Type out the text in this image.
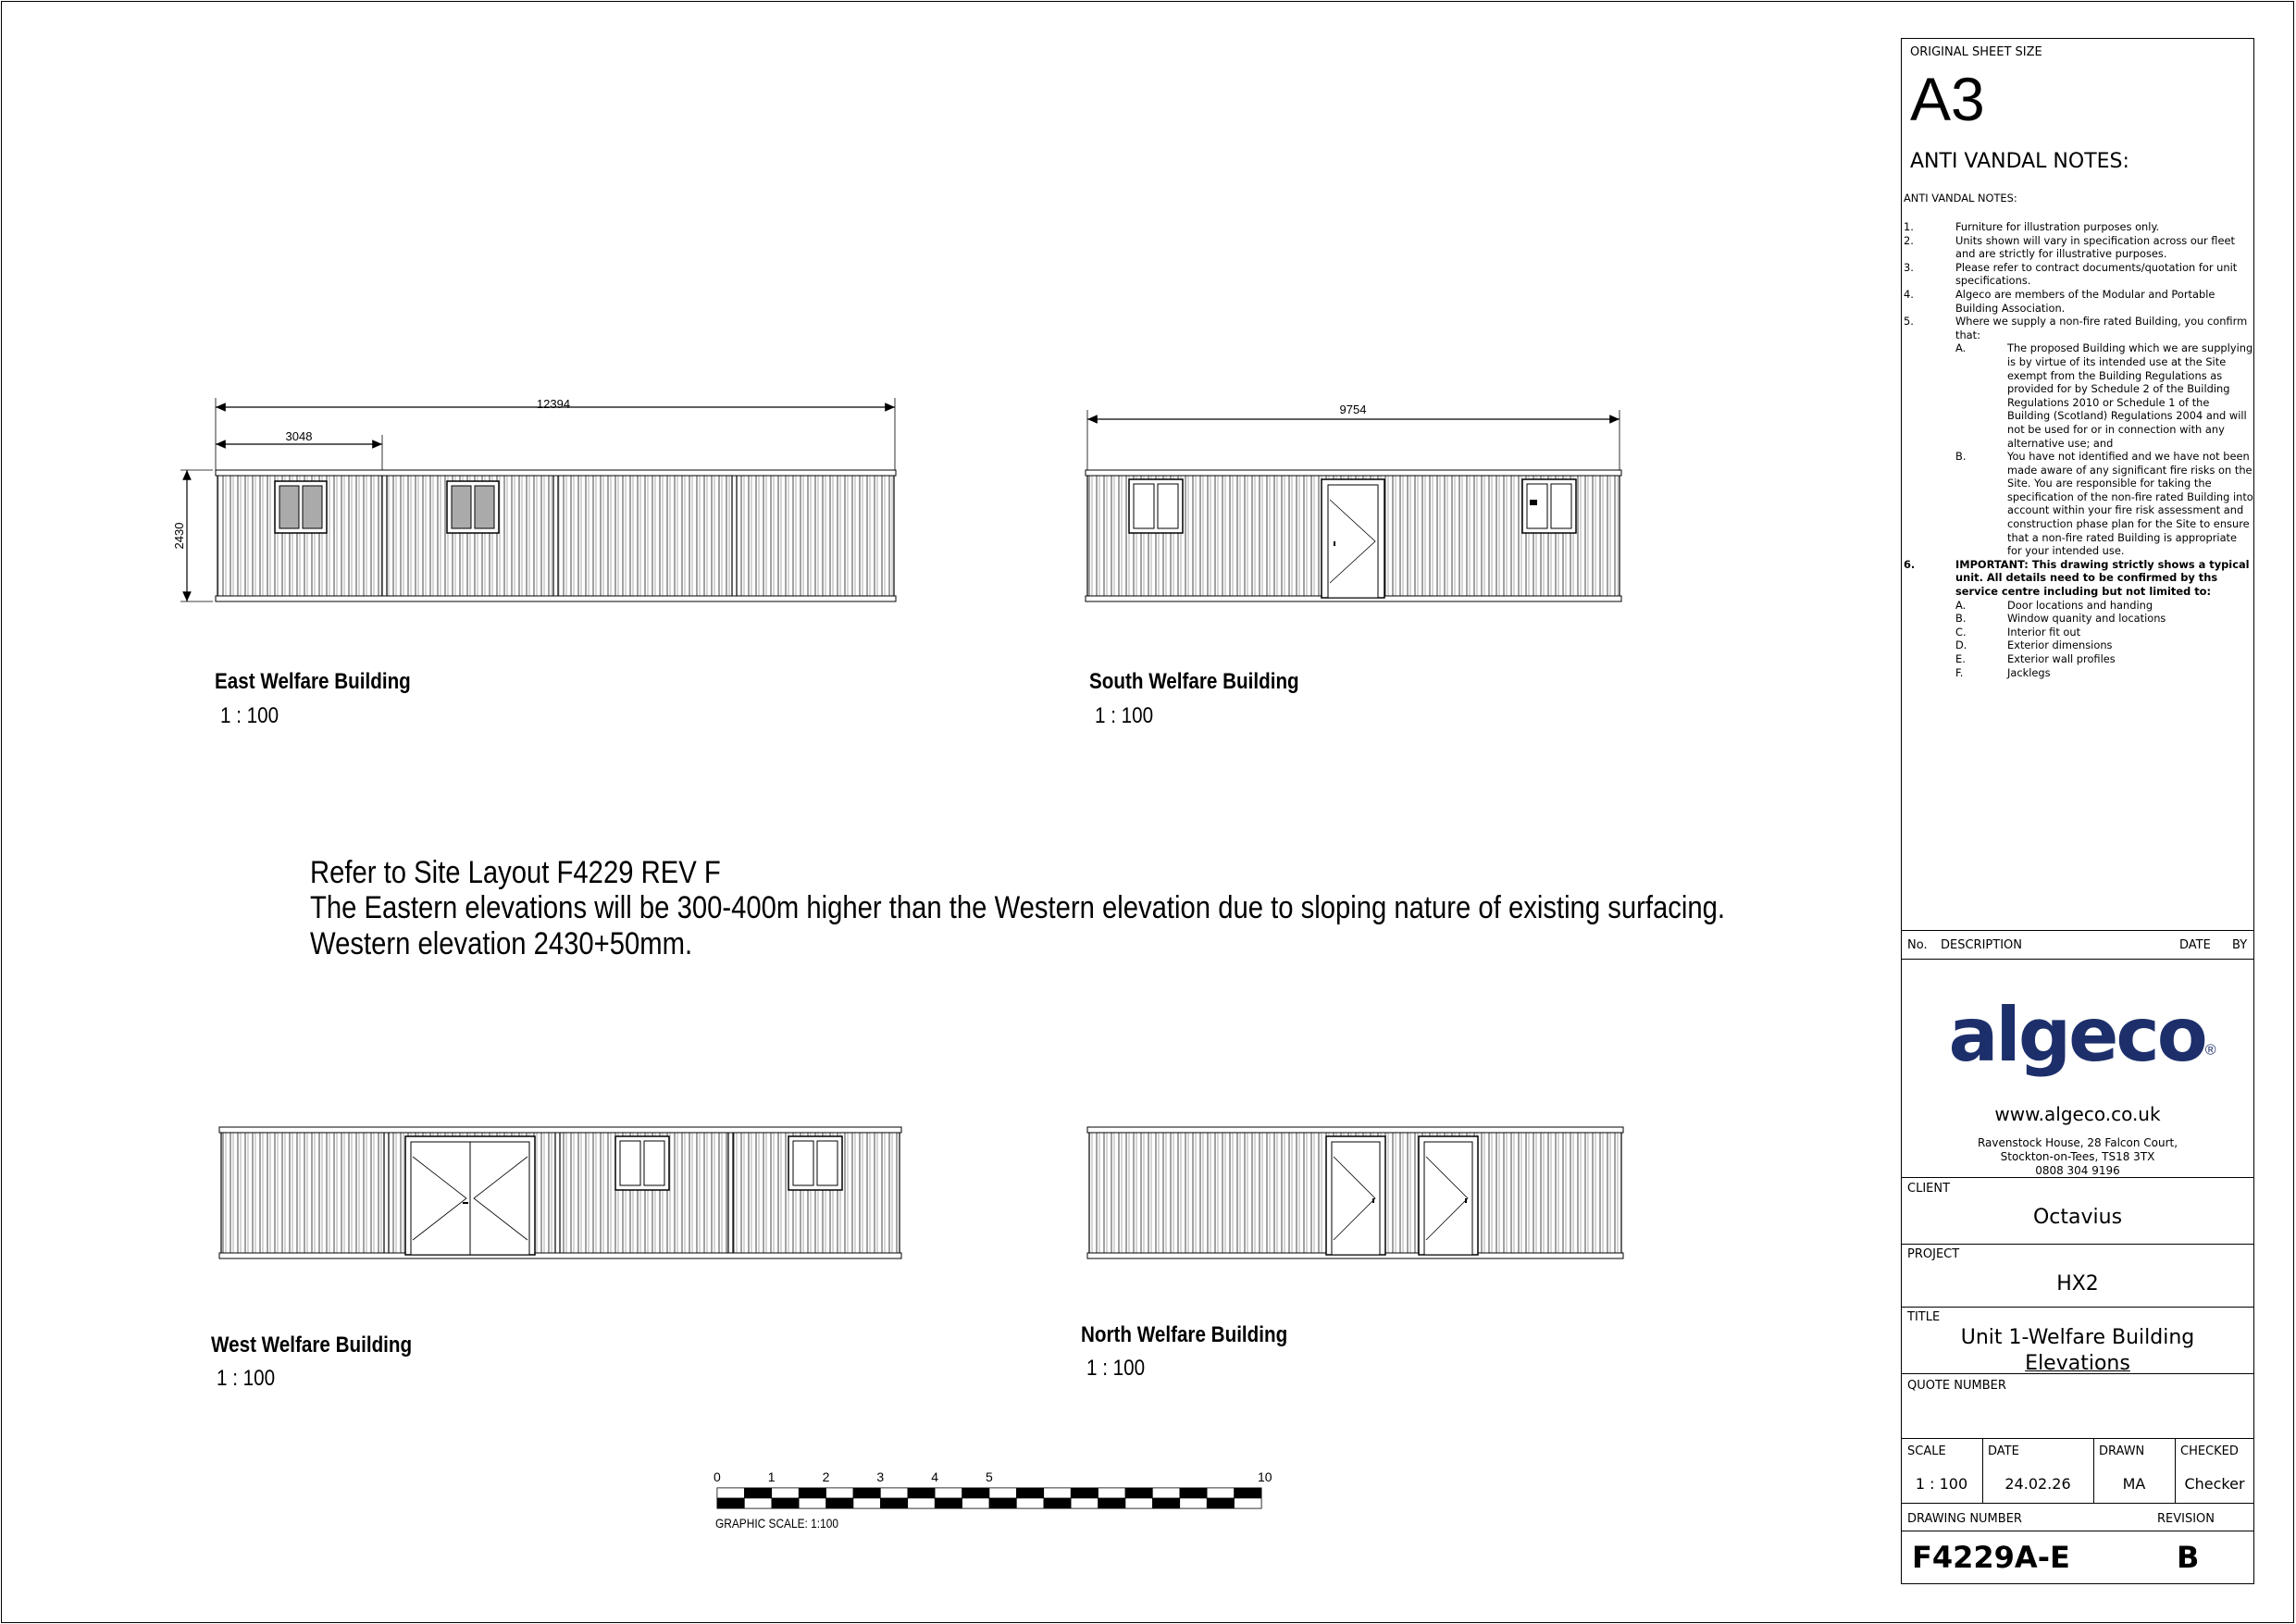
12394
3048
2430
9754
East Welfare Building
1 : 100
South Welfare Building
1 : 100
West Welfare Building
1 : 100
North Welfare Building
1 : 100
Refer to Site Layout F4229 REV F
The Eastern elevations will be 300-400m higher than the Western elevation due to sloping nature of existing surfacing.
Western elevation 2430+50mm.
0	1	2	3	4	5	10
GRAPHIC SCALE: 1:100
ORIGINAL SHEET SIZE
A3
ANTI VANDAL NOTES:
ANTI VANDAL NOTES:
1.	Furniture for illustration purposes only.
2.	Units shown will vary in specification across our fleet and are strictly for illustrative purposes.
3.	Please refer to contract documents/quotation for unit specifications.
4.	Algeco are members of the Modular and Portable Building Association.
5.	Where we supply a non-fire rated Building, you confirm that:
A.	The proposed Building which we are supplying is by virtue of its intended use at the Site exempt from the Building Regulations as provided for by Schedule 2 of the Building Regulations 2010 or Schedule 1 of the Building (Scotland) Regulations 2004 and will not be used for or in connection with any alternative use; and
B.	You have not identified and we have not been made aware of any significant fire risks on the Site. You are responsible for taking the specification of the non-fire rated Building into account within your fire risk assessment and construction phase plan for the Site to ensure that a non-fire rated Building is appropriate for your intended use.
6.	IMPORTANT: This drawing strictly shows a typical unit. All details need to be confirmed by ths service centre including but not limited to:
A.	Door locations and handing
B.	Window quanity and locations
C.	Interior fit out
D.	Exterior dimensions
E.	Exterior wall profiles
F.	Jacklegs
No. DESCRIPTION	DATE BY
algeco®
www.algeco.co.uk
Ravenstock House, 28 Falcon Court,
Stockton-on-Tees, TS18 3TX
0808 304 9196
CLIENT
Octavius
PROJECT
HX2
TITLE
Unit 1-Welfare Building
Elevations
QUOTE NUMBER
SCALE	DATE	DRAWN	CHECKED
1 : 100	24.02.26	MA	Checker
DRAWING NUMBER	REVISION
F4229A-E	B
